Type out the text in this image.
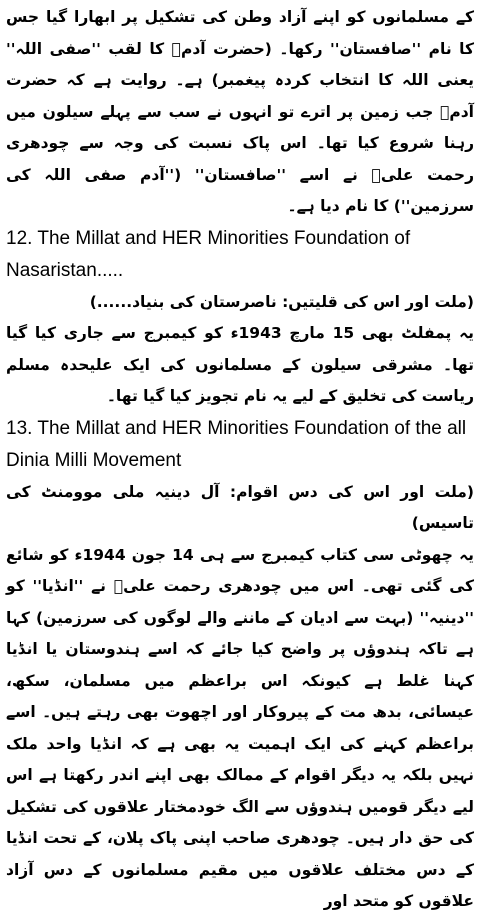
کے مسلمانوں کو اپنے آزاد وطن کی تشکیل پر ابھارا گیا جس کا نام ''صافستان'' رکھا۔ (حضرت آدمؑ کا لقب ''صفی اللہ'' یعنی اللہ کا انتخاب کردہ پیغمبر) ہے۔ روایت ہے کہ حضرت آدمؑ جب زمین پر اترے تو انہوں نے سب سے پہلے سیلون میں رہنا شروع کیا تھا۔ اس پاک نسبت کی وجہ سے چودھری رحمت علیؒ نے اسے ''صافستان'' (''آدم صفی اللہ کی سرزمین'') کا نام دیا ہے۔

12. The Millat and HER Minorities Foundation of Nasaristan.....

(ملت اور اس کی قلیتیں: ناصرستان کی بنیاد......)

یہ پمفلٹ بھی 15 مارچ 1943ء کو کیمبرج سے جاری کیا گیا تھا۔ مشرقی سیلون کے مسلمانوں کی ایک علیحدہ مسلم ریاست کی تخلیق کے لیے یہ نام تجویز کیا گیا تھا۔

13. The Millat and HER Minorities Foundation of the all Dinia Milli Movement

(ملت اور اس کی دس اقوام: آل دینیہ ملی موومنٹ کی تاسیس)

یہ چھوٹی سی کتاب کیمبرج سے ہی 14 جون 1944ء کو شائع کی گئی تھی۔ اس میں چودھری رحمت علیؒ نے ''انڈیا'' کو ''دینیہ'' (بہت سے ادیان کے ماننے والے لوگوں کی سرزمین) کہا ہے تاکہ ہندوؤں پر واضح کیا جائے کہ اسے ہندوستان یا انڈیا کہنا غلط ہے کیونکہ اس براعظم میں مسلمان، سکھ، عیسائی، بدھ مت کے پیروکار اور اچھوت بھی رہتے ہیں۔ اسے براعظم کہنے کی ایک اہمیت یہ بھی ہے کہ انڈیا واحد ملک نہیں بلکہ یہ دیگر اقوام کے ممالک بھی اپنے اندر رکھتا ہے اس لیے دیگر قومیں ہندوؤں سے الگ خودمختار علاقوں کی تشکیل کی حق دار ہیں۔ چودھری صاحب اپنی پاک پلان، کے تحت انڈیا کے دس مختلف علاقوں میں مقیم مسلمانوں کے دس آزاد علاقوں کو متحد اور
